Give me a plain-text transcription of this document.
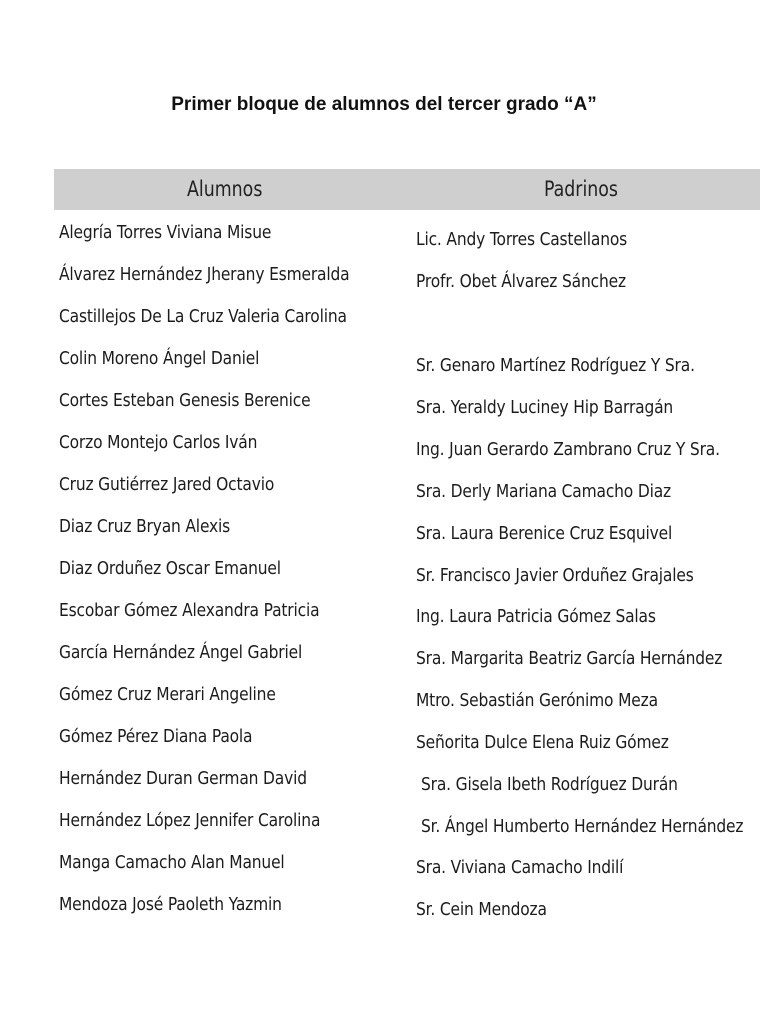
Primer bloque de alumnos del tercer grado “A”
Alumnos	Padrinos
Alegría Torres Viviana Misue	Lic. Andy Torres Castellanos
Álvarez Hernández Jherany Esmeralda	Profr. Obet Álvarez Sánchez
Castillejos De La Cruz Valeria Carolina
Colin Moreno Ángel Daniel	Sr. Genaro Martínez Rodríguez Y Sra.
Cortes Esteban Genesis Berenice	Sra. Yeraldy Luciney Hip Barragán
Corzo Montejo Carlos Iván	Ing. Juan Gerardo Zambrano Cruz Y Sra.
Cruz Gutiérrez Jared Octavio	Sra. Derly Mariana Camacho Diaz
Diaz Cruz Bryan Alexis	Sra. Laura Berenice Cruz Esquivel
Diaz Orduñez Oscar Emanuel	Sr. Francisco Javier Orduñez Grajales
Escobar Gómez Alexandra Patricia	Ing. Laura Patricia Gómez Salas
García Hernández Ángel Gabriel	Sra. Margarita Beatriz García Hernández
Gómez Cruz Merari Angeline	Mtro. Sebastián Gerónimo Meza
Gómez Pérez Diana Paola	Señorita Dulce Elena Ruiz Gómez
Hernández Duran German David	Sra. Gisela Ibeth Rodríguez Durán
Hernández López Jennifer Carolina	Sr. Ángel Humberto Hernández Hernández
Manga Camacho Alan Manuel	Sra. Viviana Camacho Indilí
Mendoza José Paoleth Yazmin	Sr. Cein Mendoza
